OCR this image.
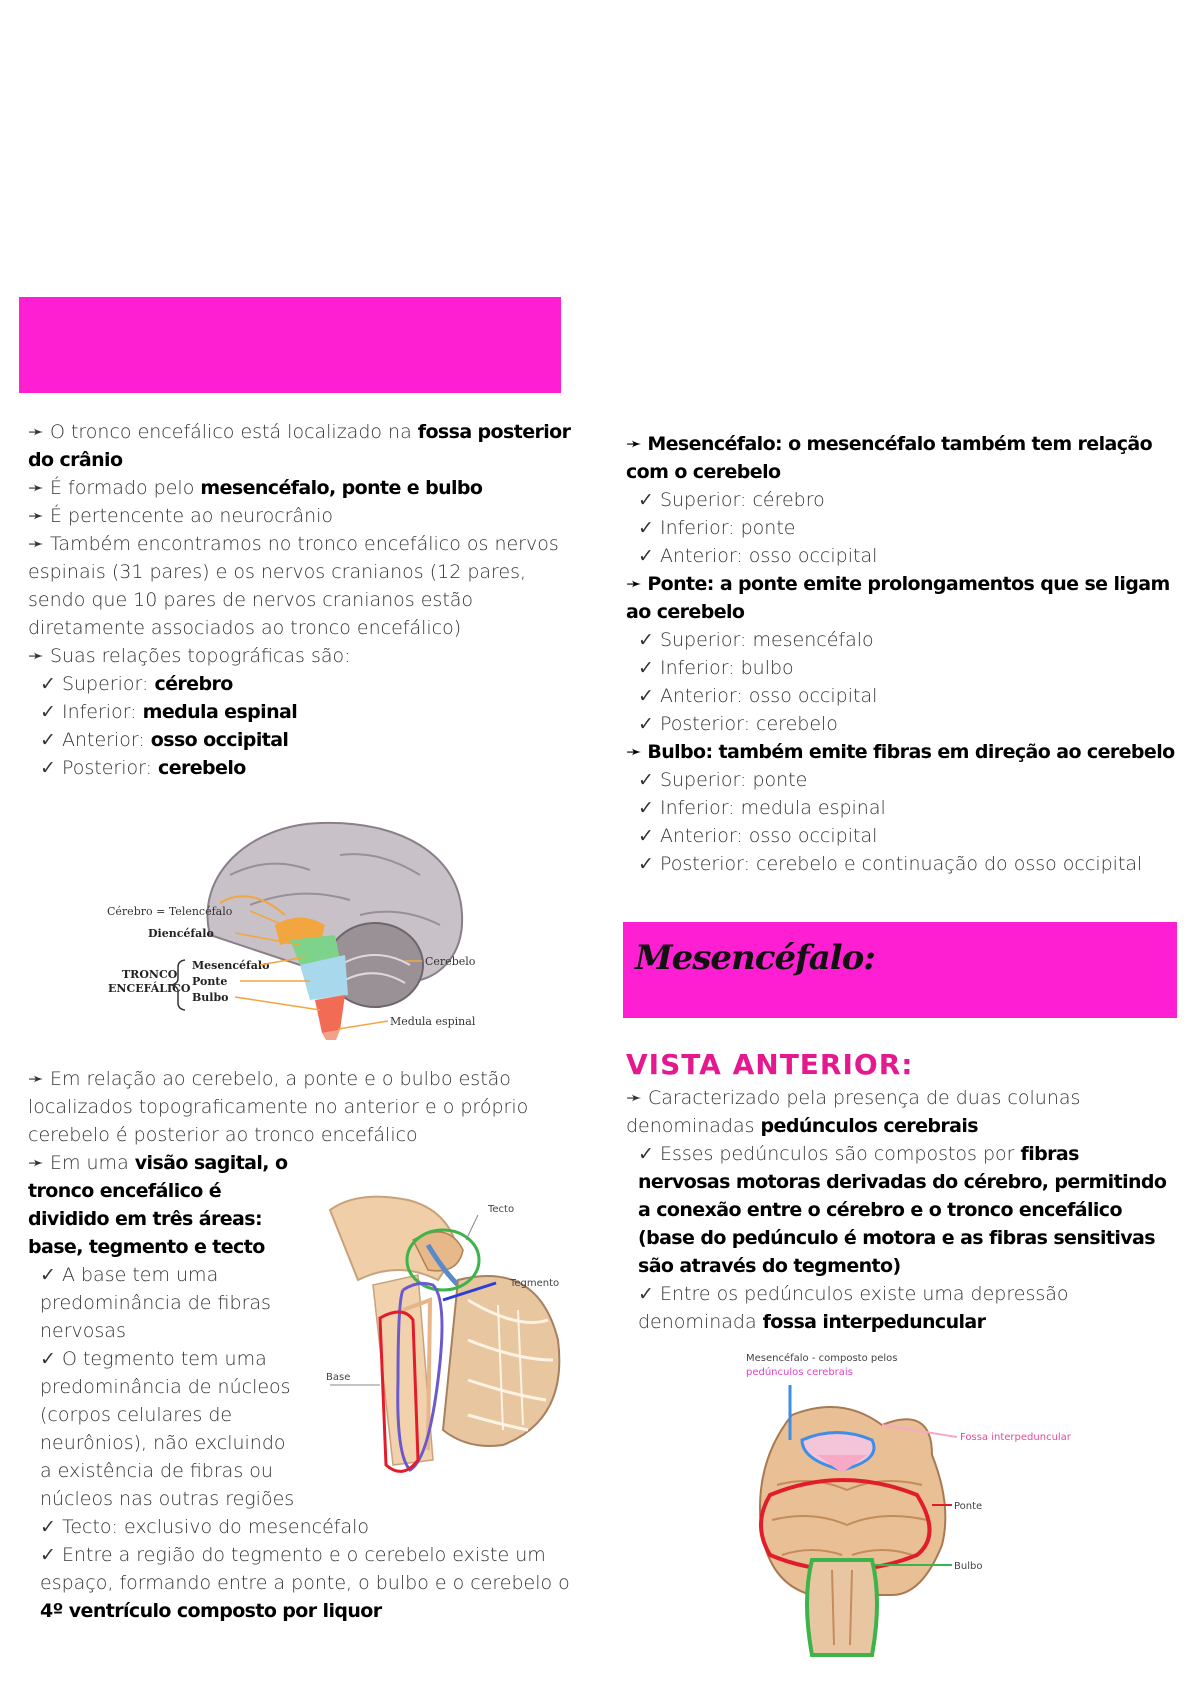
Mesencéfalo:

➛ O tronco encefálico está localizado na fossa posterior do crânio

➛ É formado pelo mesencéfalo, ponte e bulbo

➛ É pertencente ao neurocrânio

➛ Também encontramos no tronco encefálico os nervos espinais (31 pares) e os nervos cranianos (12 pares, sendo que 10 pares de nervos cranianos estão diretamente associados ao tronco encefálico)

➛ Suas relações topográficas são:

✓ Superior: cérebro

✓ Inferior: medula espinal

✓ Anterior: osso occipital

✓ Posterior: cerebelo

Cérebro = Telencéfalo
Diencéfalo
TRONCO
ENCEFÁLICO
Mesencéfalo
Ponte
Bulbo
Cerebelo
Medula espinal

➛ Em relação ao cerebelo, a ponte e o bulbo estão localizados topograficamente no anterior e o próprio cerebelo é posterior ao tronco encefálico

➛ Em uma visão sagital, o tronco encefálico é dividido em três áreas: base, tegmento e tecto

✓ A base tem uma predominância de fibras nervosas

✓ O tegmento tem uma predominância de núcleos (corpos celulares de neurônios), não excluindo a existência de fibras ou núcleos nas outras regiões

✓ Tecto: exclusivo do mesencéfalo

✓ Entre a região do tegmento e o cerebelo existe um espaço, formando entre a ponte, o bulbo e o cerebelo o 4º ventrículo composto por liquor

Tecto
Tegmento
Base

➛ Mesencéfalo: o mesencéfalo também tem relação com o cerebelo

✓ Superior: cérebro

✓ Inferior: ponte

✓ Anterior: osso occipital

➛ Ponte: a ponte emite prolongamentos que se ligam ao cerebelo

✓ Superior: mesencéfalo

✓ Inferior: bulbo

✓ Anterior: osso occipital

✓ Posterior: cerebelo

➛ Bulbo: também emite fibras em direção ao cerebelo

✓ Superior: ponte

✓ Inferior: medula espinal

✓ Anterior: osso occipital

✓ Posterior: cerebelo e continuação do osso occipital

VISTA ANTERIOR:

➛ Caracterizado pela presença de duas colunas denominadas pedúnculos cerebrais

✓ Esses pedúnculos são compostos por fibras nervosas motoras derivadas do cérebro, permitindo a conexão entre o cérebro e o tronco encefálico (base do pedúnculo é motora e as fibras sensitivas são através do tegmento)

✓ Entre os pedúnculos existe uma depressão denominada fossa interpeduncular

Mesencéfalo - composto pelos
pedúnculos cerebrais
Fossa interpeduncular
Ponte
Bulbo
